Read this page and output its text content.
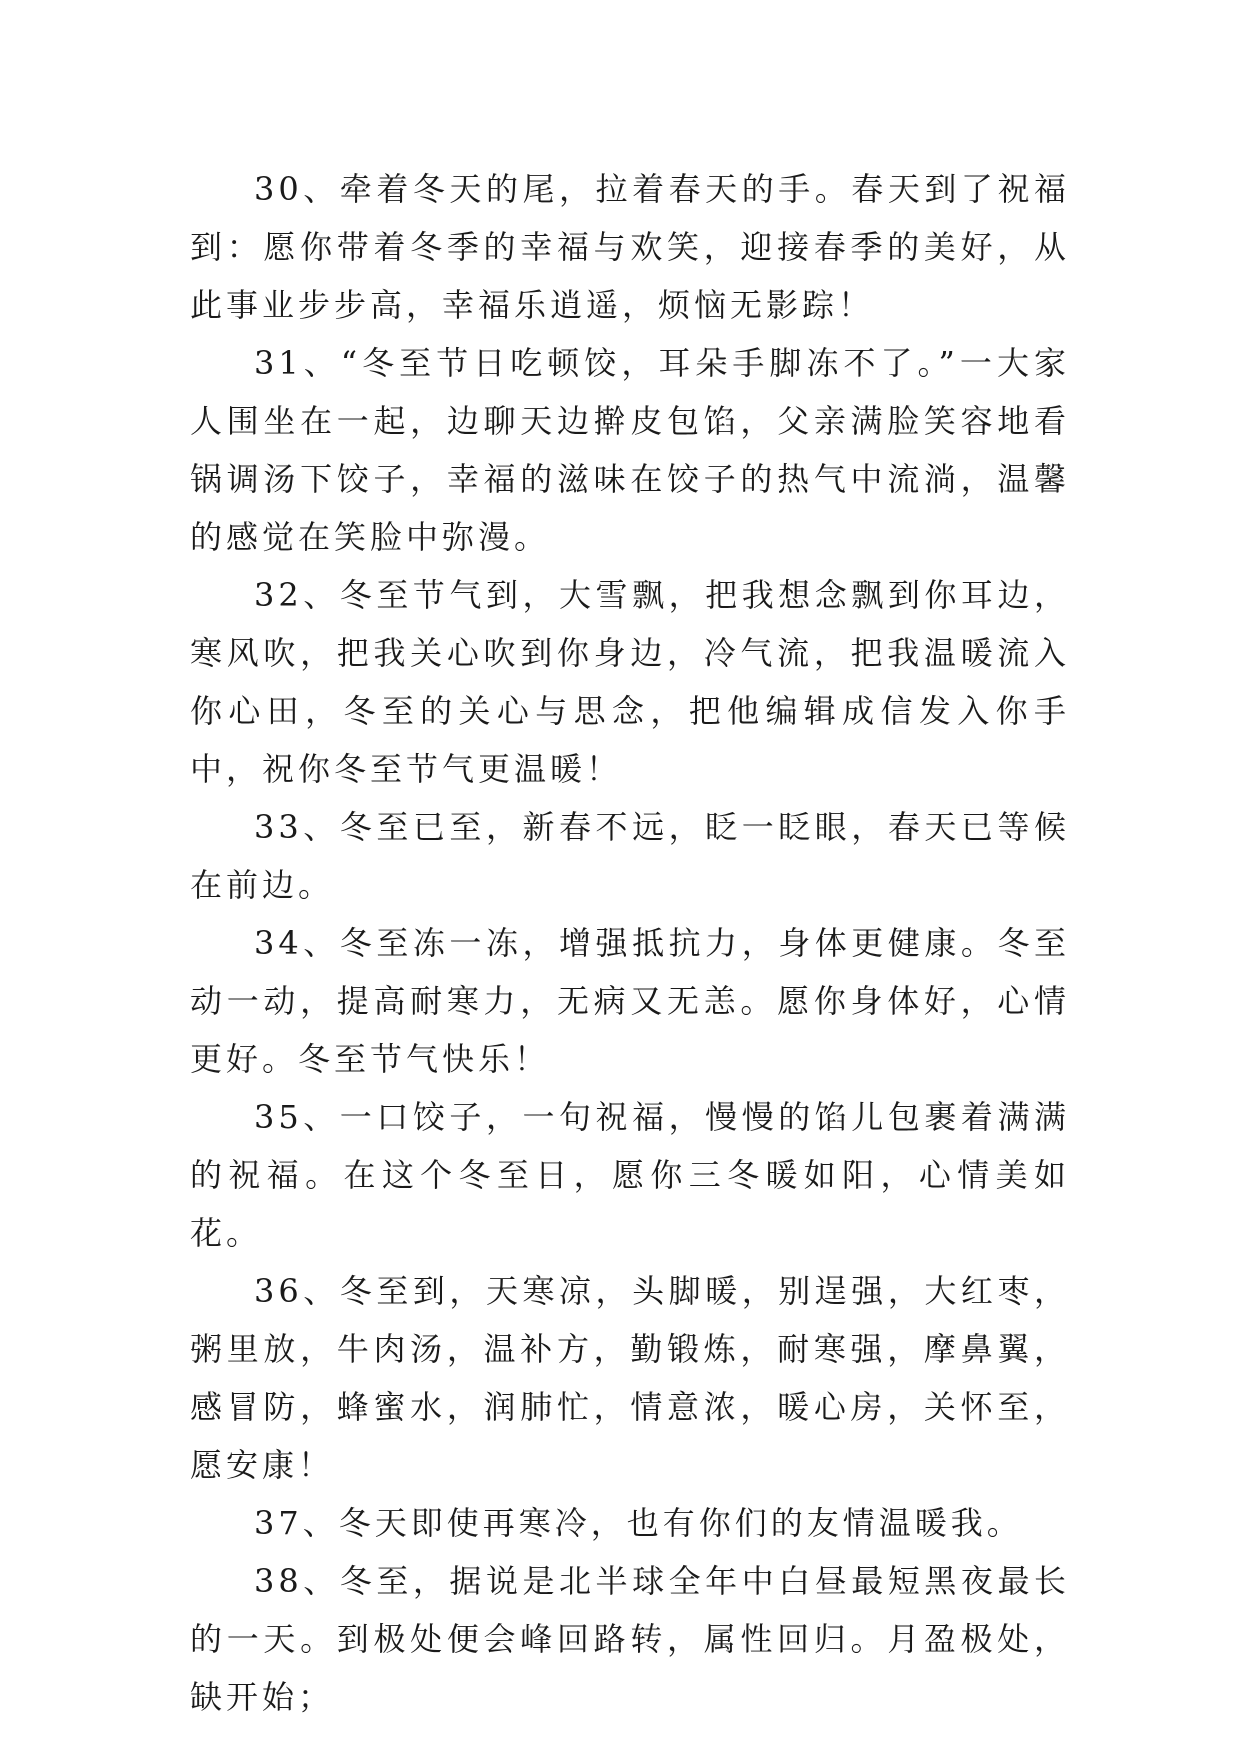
30、牵着冬天的尾，拉着春天的手。春天到了祝福到：愿你带着冬季的幸福与欢笑，迎接春季的美好，从此事业步步高，幸福乐逍遥，烦恼无影踪！

31、“冬至节日吃顿饺，耳朵手脚冻不了。”一大家人围坐在一起，边聊天边擀皮包馅，父亲满脸笑容地看锅调汤下饺子，幸福的滋味在饺子的热气中流淌，温馨的感觉在笑脸中弥漫。

32、冬至节气到，大雪飘，把我想念飘到你耳边，寒风吹，把我关心吹到你身边，冷气流，把我温暖流入你心田，冬至的关心与思念，把他编辑成信发入你手中，祝你冬至节气更温暖！

33、冬至已至，新春不远，眨一眨眼，春天已等候在前边。

34、冬至冻一冻，增强抵抗力，身体更健康。冬至动一动，提高耐寒力，无病又无恙。愿你身体好，心情更好。冬至节气快乐！

35、一口饺子，一句祝福，慢慢的馅儿包裹着满满的祝福。在这个冬至日，愿你三冬暖如阳，心情美如花。

36、冬至到，天寒凉，头脚暖，别逞强，大红枣，粥里放，牛肉汤，温补方，勤锻炼，耐寒强，摩鼻翼，感冒防，蜂蜜水，润肺忙，情意浓，暖心房，关怀至，愿安康！

37、冬天即使再寒冷，也有你们的友情温暖我。

38、冬至，据说是北半球全年中白昼最短黑夜最长的一天。到极处便会峰回路转，属性回归。月盈极处，缺开始；
